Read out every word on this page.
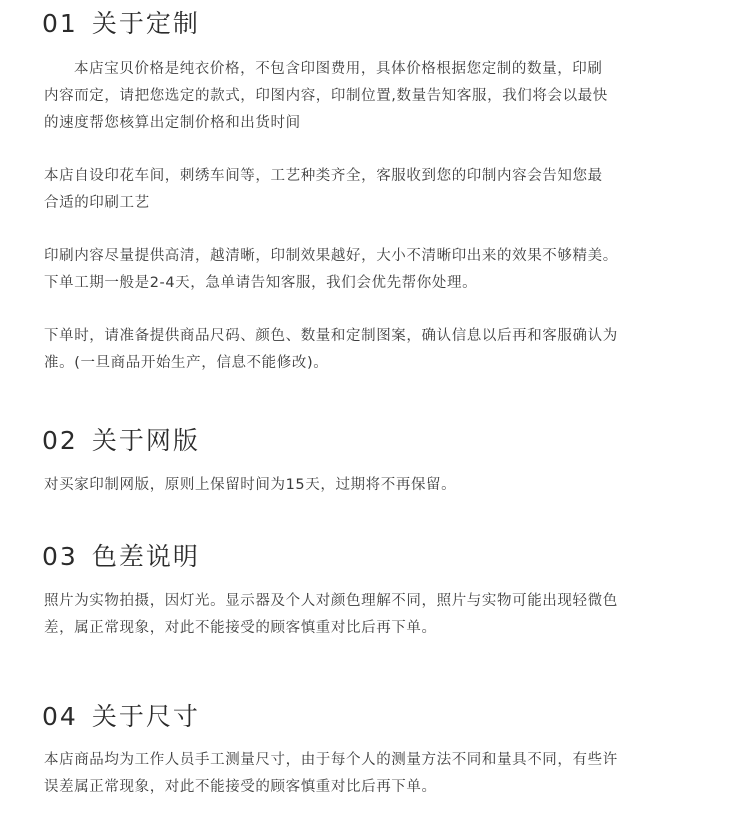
01 关于定制

本店宝贝价格是纯衣价格，不包含印图费用，具体价格根据您定制的数量，印刷
内容而定，请把您选定的款式，印图内容，印制位置,数量告知客服，我们将会以最快
的速度帮您核算出定制价格和出货时间

本店自设印花车间，刺绣车间等，工艺种类齐全，客服收到您的印制内容会告知您最
合适的印刷工艺

印刷内容尽量提供高清，越清晰，印制效果越好，大小不清晰印出来的效果不够精美。
下单工期一般是2-4天，急单请告知客服，我们会优先帮你处理。

下单时，请准备提供商品尺码、颜色、数量和定制图案，确认信息以后再和客服确认为
准。(一旦商品开始生产，信息不能修改)。

02 关于网版

对买家印制网版，原则上保留时间为15天，过期将不再保留。

03 色差说明

照片为实物拍摄，因灯光。显示器及个人对颜色理解不同，照片与实物可能出现轻微色
差，属正常现象，对此不能接受的顾客慎重对比后再下单。

04 关于尺寸

本店商品均为工作人员手工测量尺寸，由于每个人的测量方法不同和量具不同，有些许
误差属正常现象，对此不能接受的顾客慎重对比后再下单。
